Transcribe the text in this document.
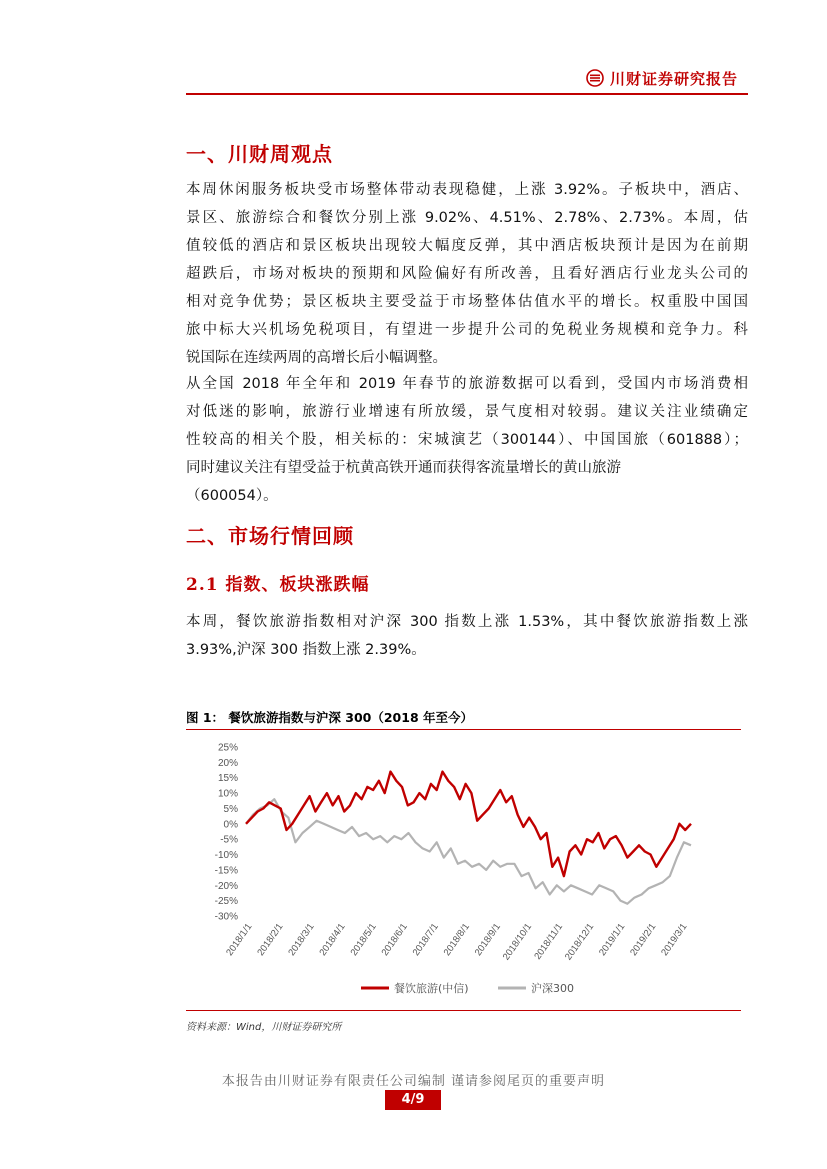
川财证券研究报告
一、川财周观点
本周休闲服务板块受市场整体带动表现稳健，上涨 3.92%。子板块中，酒店、
景区、旅游综合和餐饮分别上涨 9.02%、4.51%、2.78%、2.73%。本周，估
值较低的酒店和景区板块出现较大幅度反弹，其中酒店板块预计是因为在前期
超跌后，市场对板块的预期和风险偏好有所改善，且看好酒店行业龙头公司的
相对竞争优势；景区板块主要受益于市场整体估值水平的增长。权重股中国国
旅中标大兴机场免税项目，有望进一步提升公司的免税业务规模和竞争力。科
锐国际在连续两周的高增长后小幅调整。
从全国 2018 年全年和 2019 年春节的旅游数据可以看到，受国内市场消费相
对低迷的影响，旅游行业增速有所放缓，景气度相对较弱。建议关注业绩确定
性较高的相关个股，相关标的：宋城演艺（300144）、中国国旅（601888）；
同时建议关注有望受益于杭黄高铁开通而获得客流量增长的黄山旅游
（600054）。
二、市场行情回顾
2.1 指数、板块涨跌幅
本周，餐饮旅游指数相对沪深 300 指数上涨 1.53%，其中餐饮旅游指数上涨
3.93%,沪深 300 指数上涨 2.39%。
图 1： 餐饮旅游指数与沪深 300（2018 年至今）
25%
20%
15%
10%
5%
0%
-5%
-10%
-15%
-20%
-25%
-30%
2018/1/1 2018/2/1 2018/3/1 2018/4/1 2018/5/1 2018/6/1 2018/7/1 2018/8/1 2018/9/1
2018/10/1
2018/11/1
2018/12/1 2019/1/1 2019/2/1 2019/3/1
餐饮旅游(中信)	沪深300
资料来源：Wind，川财证券研究所
本报告由川财证券有限责任公司编制 谨请参阅尾页的重要声明
4/9
